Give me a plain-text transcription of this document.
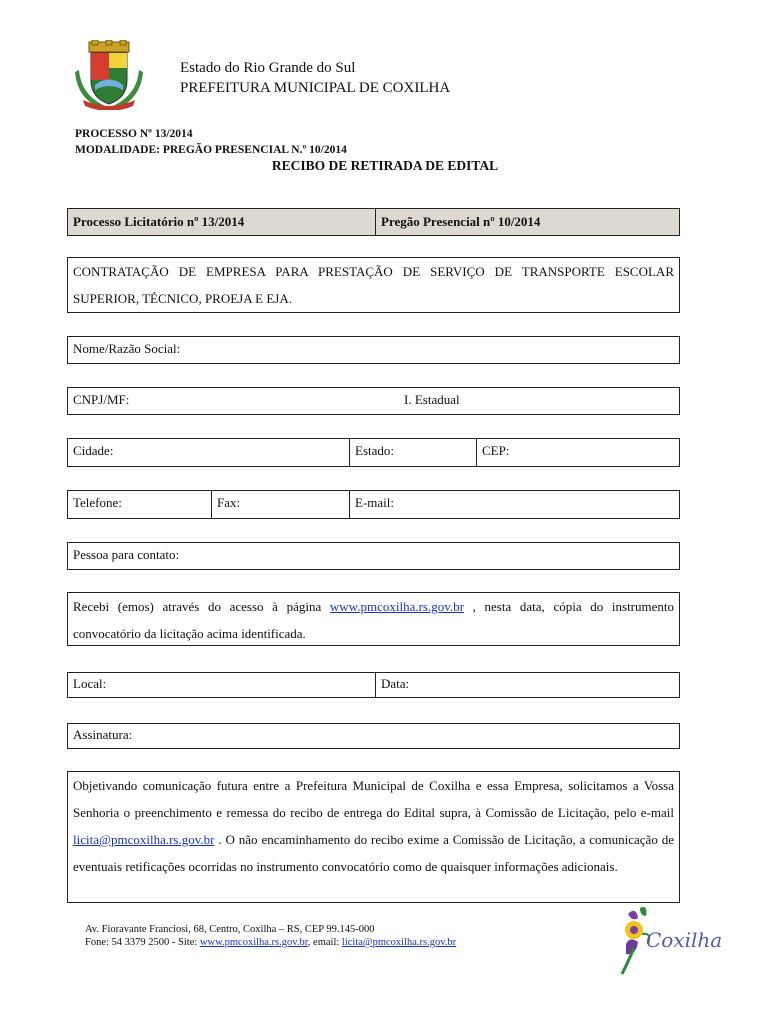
Estado do Rio Grande do Sul
PREFEITURA MUNICIPAL DE COXILHA
PROCESSO Nº 13/2014
MODALIDADE: PREGÃO PRESENCIAL N.º 10/2014
RECIBO DE RETIRADA DE EDITAL
Processo Licitatório nº 13/2014	Pregão Presencial nº 10/2014
CONTRATAÇÃO DE EMPRESA PARA PRESTAÇÃO DE SERVIÇO DE TRANSPORTE ESCOLAR SUPERIOR, TÉCNICO, PROEJA E EJA.
Nome/Razão Social:
CNPJ/MF:	I. Estadual
Cidade:	Estado:	CEP:
Telefone:	Fax:	E-mail:
Pessoa para contato:
Recebi (emos) através do acesso à página www.pmcoxilha.rs.gov.br , nesta data, cópia do instrumento convocatório da licitação acima identificada.
Local:	Data:
Assinatura:
Objetivando comunicação futura entre a Prefeitura Municipal de Coxilha e essa Empresa, solicitamos a Vossa Senhoria o preenchimento e remessa do recibo de entrega do Edital supra, à Comissão de Licitação, pelo e-mail licita@pmcoxilha.rs.gov.br . O não encaminhamento do recibo exime a Comissão de Licitação, a comunicação de eventuais retificações ocorridas no instrumento convocatório como de quaisquer informações adicionais.
Av. Fioravante Franciosi, 68, Centro, Coxilha – RS, CEP 99.145-000
Fone: 54 3379 2500 - Site: www.pmcoxilha.rs.gov.br, email: licita@pmcoxilha.rs.gov.br	Coxilha
